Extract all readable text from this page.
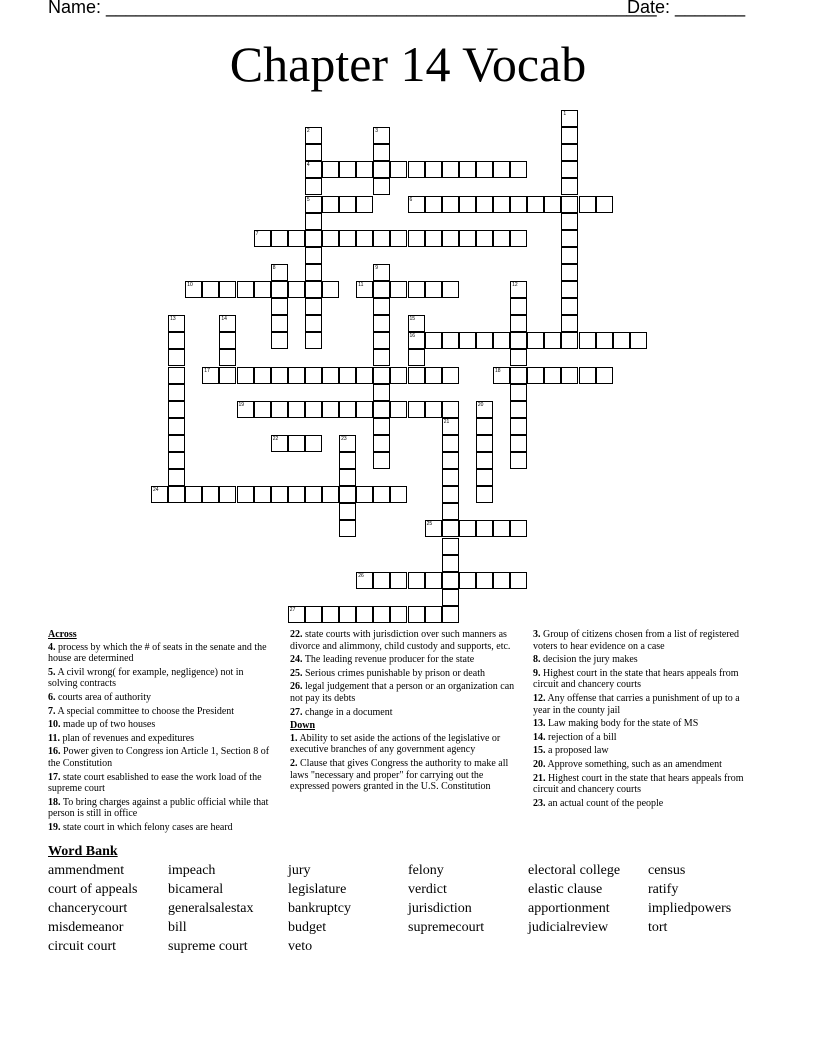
Name: _______________________________________________________
Date: _______
Chapter 14 Vocab
1
2	3
4
5	6
7
8	9
10	11	12
13	14	15
16
17	18
19	20
21
22	23
24
25
26
27
Across
4. process by which the # of seats in the senate and the house are determined
5. A civil wrong( for example, negligence) not in solving contracts
6. courts area of authority
7. A special committee to choose the President
10. made up of two houses
11. plan of revenues and expeditures
16. Power given to Congress ion Article 1, Section 8 of the Constitution
17. state court esablished to ease the work load of the supreme court
18. To bring charges against a public official while that person is still in office
19. state court in which felony cases are heard
22. state courts with jurisdiction over such manners as divorce and alimmony, child custody and supports, etc.
24. The leading revenue producer for the state
25. Serious crimes punishable by prison or death
26. legal judgement that a person or an organization can not pay its debts
27. change in a document
Down
1. Ability to set aside the actions of the legislative or executive branches of any government agency
2. Clause that gives Congress the authority to make all laws "necessary and proper" for carrying out the expressed powers granted in the U.S. Constitution
3. Group of citizens chosen from a list of registered voters to hear evidence on a case
8. decision the jury makes
9. Highest court in the state that hears appeals from circuit and chancery courts
12. Any offense that carries a punishment of up to a year in the county jail
13. Law making body for the state of MS
14. rejection of a bill
15. a proposed law
20. Approve something, such as an amendment
21. Highest court in the state that hears appeals from circuit and chancery courts
23. an actual count of the people
Word Bank
ammendment	impeach	jury	felony	electoral college	census
court of appeals	bicameral	legislature	verdict	elastic clause	ratify
chancerycourt	generalsalestax	bankruptcy	jurisdiction	apportionment	impliedpowers
misdemeanor	bill	budget	supremecourt	judicialreview	tort
circuit court	supreme court	veto
